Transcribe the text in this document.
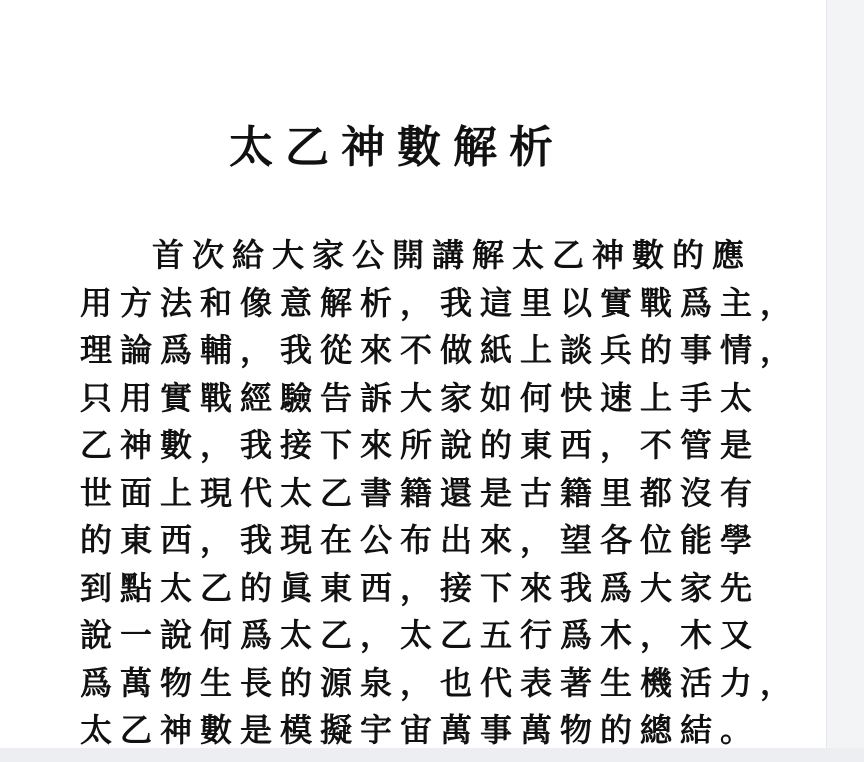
太乙神數解析
首次給大家公開講解太乙神數的應
用方法和像意解析，我這里以實戰爲主，
理論爲輔，我從來不做紙上談兵的事情，
只用實戰經驗告訴大家如何快速上手太
乙神數，我接下來所說的東西，不管是
世面上現代太乙書籍還是古籍里都沒有
的東西，我現在公布出來，望各位能學
到點太乙的眞東西，接下來我爲大家先
說一說何爲太乙，太乙五行爲木，木又
爲萬物生長的源泉，也代表著生機活力，
太乙神數是模擬宇宙萬事萬物的總結。
